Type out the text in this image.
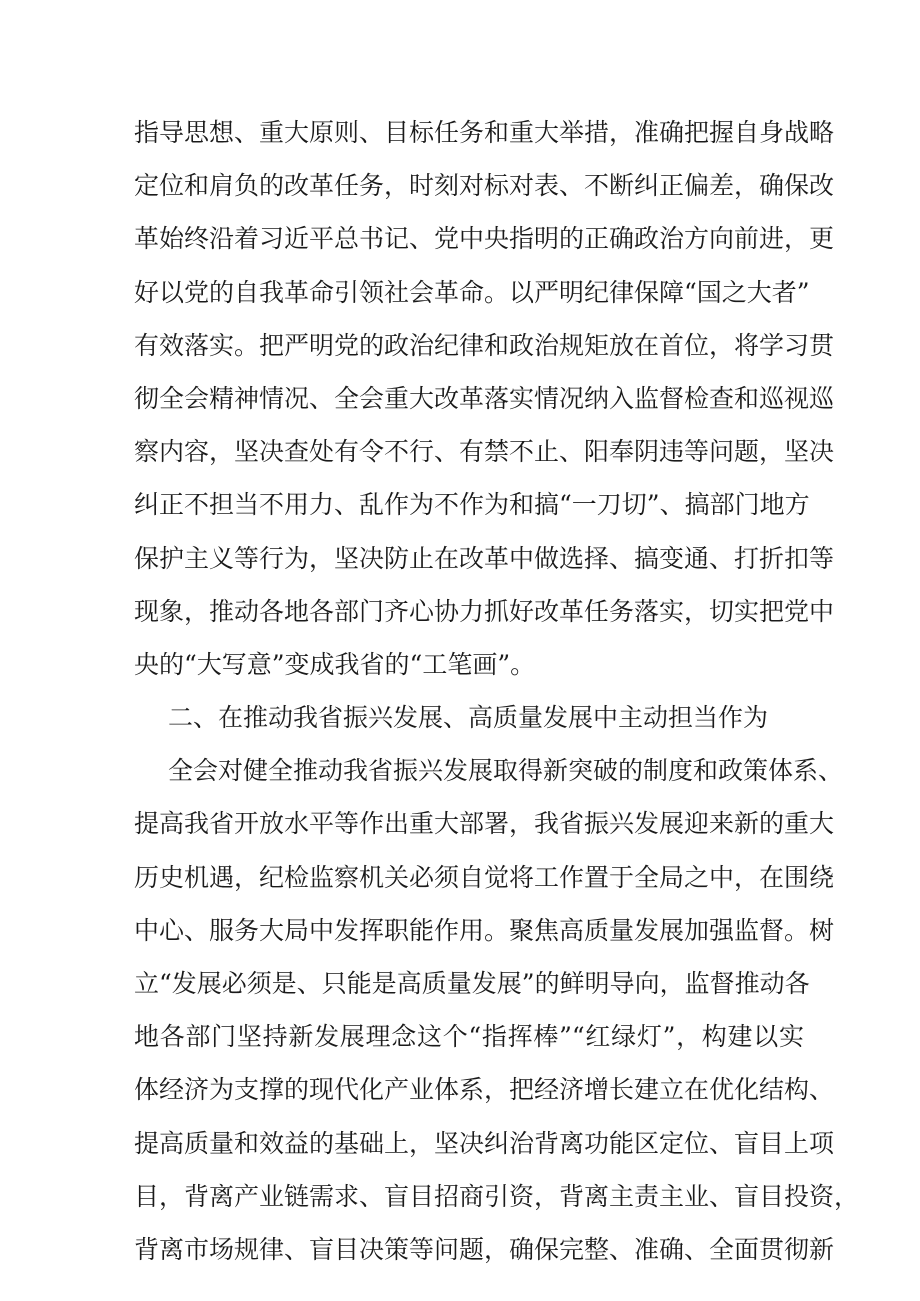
指导思想、重大原则、目标任务和重大举措，准确把握自身战略
定位和肩负的改革任务，时刻对标对表、不断纠正偏差，确保改
革始终沿着习近平总书记、党中央指明的正确政治方向前进，更
好以党的自我革命引领社会革命。以严明纪律保障“国之大者”
有效落实。把严明党的政治纪律和政治规矩放在首位，将学习贯
彻全会精神情况、全会重大改革落实情况纳入监督检查和巡视巡
察内容，坚决查处有令不行、有禁不止、阳奉阴违等问题，坚决
纠正不担当不用力、乱作为不作为和搞“一刀切”、搞部门地方
保护主义等行为，坚决防止在改革中做选择、搞变通、打折扣等
现象，推动各地各部门齐心协力抓好改革任务落实，切实把党中
央的“大写意”变成我省的“工笔画”。
二、在推动我省振兴发展、高质量发展中主动担当作为
全会对健全推动我省振兴发展取得新突破的制度和政策体系、
提高我省开放水平等作出重大部署，我省振兴发展迎来新的重大
历史机遇，纪检监察机关必须自觉将工作置于全局之中，在围绕
中心、服务大局中发挥职能作用。聚焦高质量发展加强监督。树
立“发展必须是、只能是高质量发展”的鲜明导向，监督推动各
地各部门坚持新发展理念这个“指挥棒”“红绿灯”，构建以实
体经济为支撑的现代化产业体系，把经济增长建立在优化结构、
提高质量和效益的基础上，坚决纠治背离功能区定位、盲目上项
目，背离产业链需求、盲目招商引资，背离主责主业、盲目投资，
背离市场规律、盲目决策等问题，确保完整、准确、全面贯彻新
